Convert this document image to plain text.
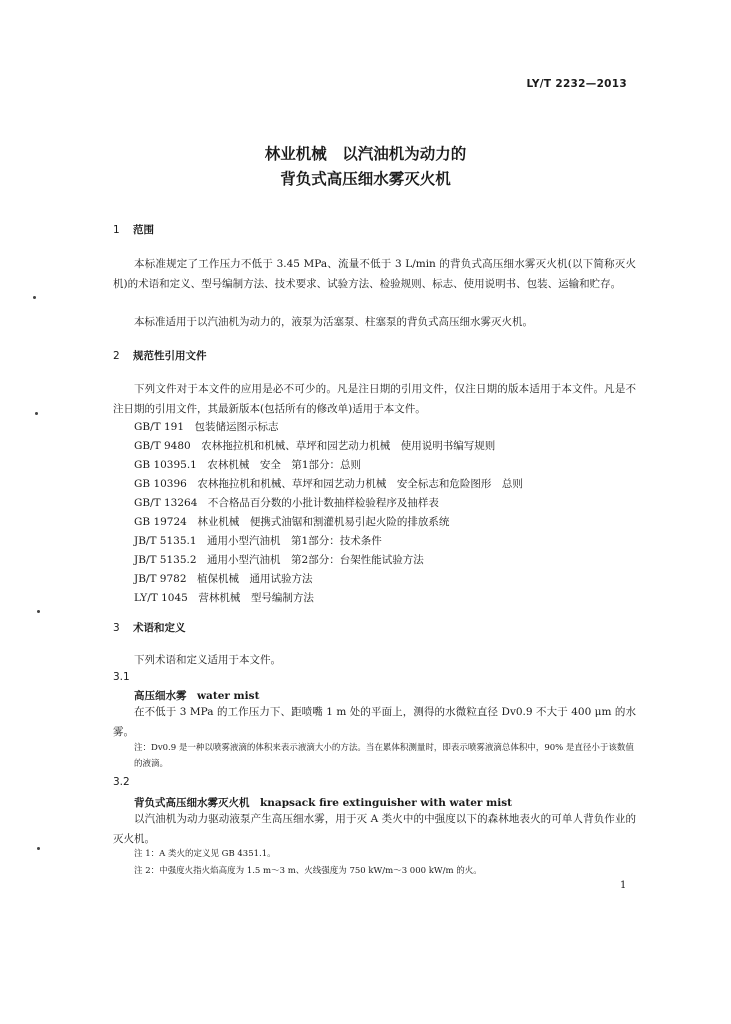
LY/T 2232—2013
林业机械　以汽油机为动力的
背负式高压细水雾灭火机
1 范围
本标准规定了工作压力不低于 3.45 MPa、流量不低于 3 L/min 的背负式高压细水雾灭火机(以下简称灭火机)的术语和定义、型号编制方法、技术要求、试验方法、检验规则、标志、使用说明书、包装、运输和贮存。
本标准适用于以汽油机为动力的，液泵为活塞泵、柱塞泵的背负式高压细水雾灭火机。
2 规范性引用文件
下列文件对于本文件的应用是必不可少的。凡是注日期的引用文件，仅注日期的版本适用于本文件。凡是不注日期的引用文件，其最新版本(包括所有的修改单)适用于本文件。
GB/T 191　包装储运图示标志
GB/T 9480　农林拖拉机和机械、草坪和园艺动力机械　使用说明书编写规则
GB 10395.1　农林机械　安全　第1部分：总则
GB 10396　农林拖拉机和机械、草坪和园艺动力机械　安全标志和危险图形　总则
GB/T 13264　不合格品百分数的小批计数抽样检验程序及抽样表
GB 19724　林业机械　便携式油锯和割灌机易引起火险的排放系统
JB/T 5135.1　通用小型汽油机　第1部分：技术条件
JB/T 5135.2　通用小型汽油机　第2部分：台架性能试验方法
JB/T 9782　植保机械　通用试验方法
LY/T 1045　营林机械　型号编制方法
3 术语和定义
下列术语和定义适用于本文件。
3.1
高压细水雾　water mist
在不低于 3 MPa 的工作压力下、距喷嘴 1 m 处的平面上，测得的水微粒直径 Dv0.9 不大于 400 μm 的水雾。
注：Dv0.9 是一种以喷雾液滴的体积来表示液滴大小的方法。当在累体积测量时，即表示喷雾液滴总体积中，90% 是直径小于该数值的液滴。
3.2
背负式高压细水雾灭火机　knapsack fire extinguisher with water mist
以汽油机为动力驱动液泵产生高压细水雾，用于灭 A 类火中的中强度以下的森林地表火的可单人背负作业的灭火机。
注 1：A 类火的定义见 GB 4351.1。
注 2：中强度火指火焰高度为 1.5 m～3 m、火线强度为 750 kW/m～3 000 kW/m 的火。
1
